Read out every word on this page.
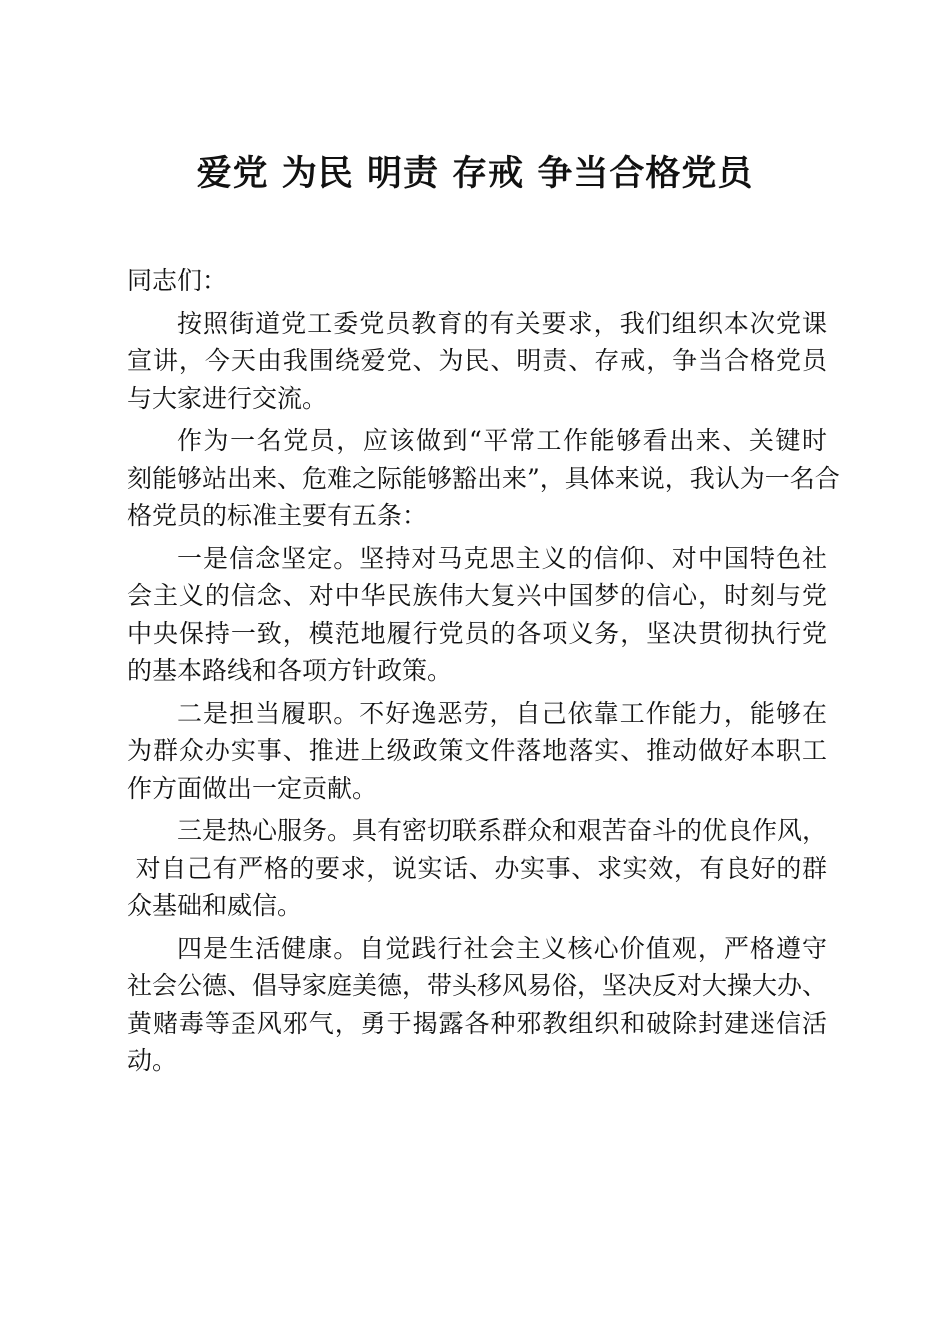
爱党 为民 明责 存戒 争当合格党员
同志们：
按照街道党工委党员教育的有关要求，我们组织本次党课
宣讲，今天由我围绕爱党、为民、明责、存戒，争当合格党员
与大家进行交流。
作为一名党员，应该做到“平常工作能够看出来、关键时
刻能够站出来、危难之际能够豁出来”，具体来说，我认为一名合
格党员的标准主要有五条：
一是信念坚定。坚持对马克思主义的信仰、对中国特色社
会主义的信念、对中华民族伟大复兴中国梦的信心，时刻与党
中央保持一致，模范地履行党员的各项义务，坚决贯彻执行党
的基本路线和各项方针政策。
二是担当履职。不好逸恶劳，自己依靠工作能力，能够在
为群众办实事、推进上级政策文件落地落实、推动做好本职工
作方面做出一定贡献。
三是热心服务。具有密切联系群众和艰苦奋斗的优良作风，
对自己有严格的要求，说实话、办实事、求实效，有良好的群
众基础和威信。
四是生活健康。自觉践行社会主义核心价值观，严格遵守
社会公德、倡导家庭美德，带头移风易俗，坚决反对大操大办、
黄赌毒等歪风邪气，勇于揭露各种邪教组织和破除封建迷信活
动。
